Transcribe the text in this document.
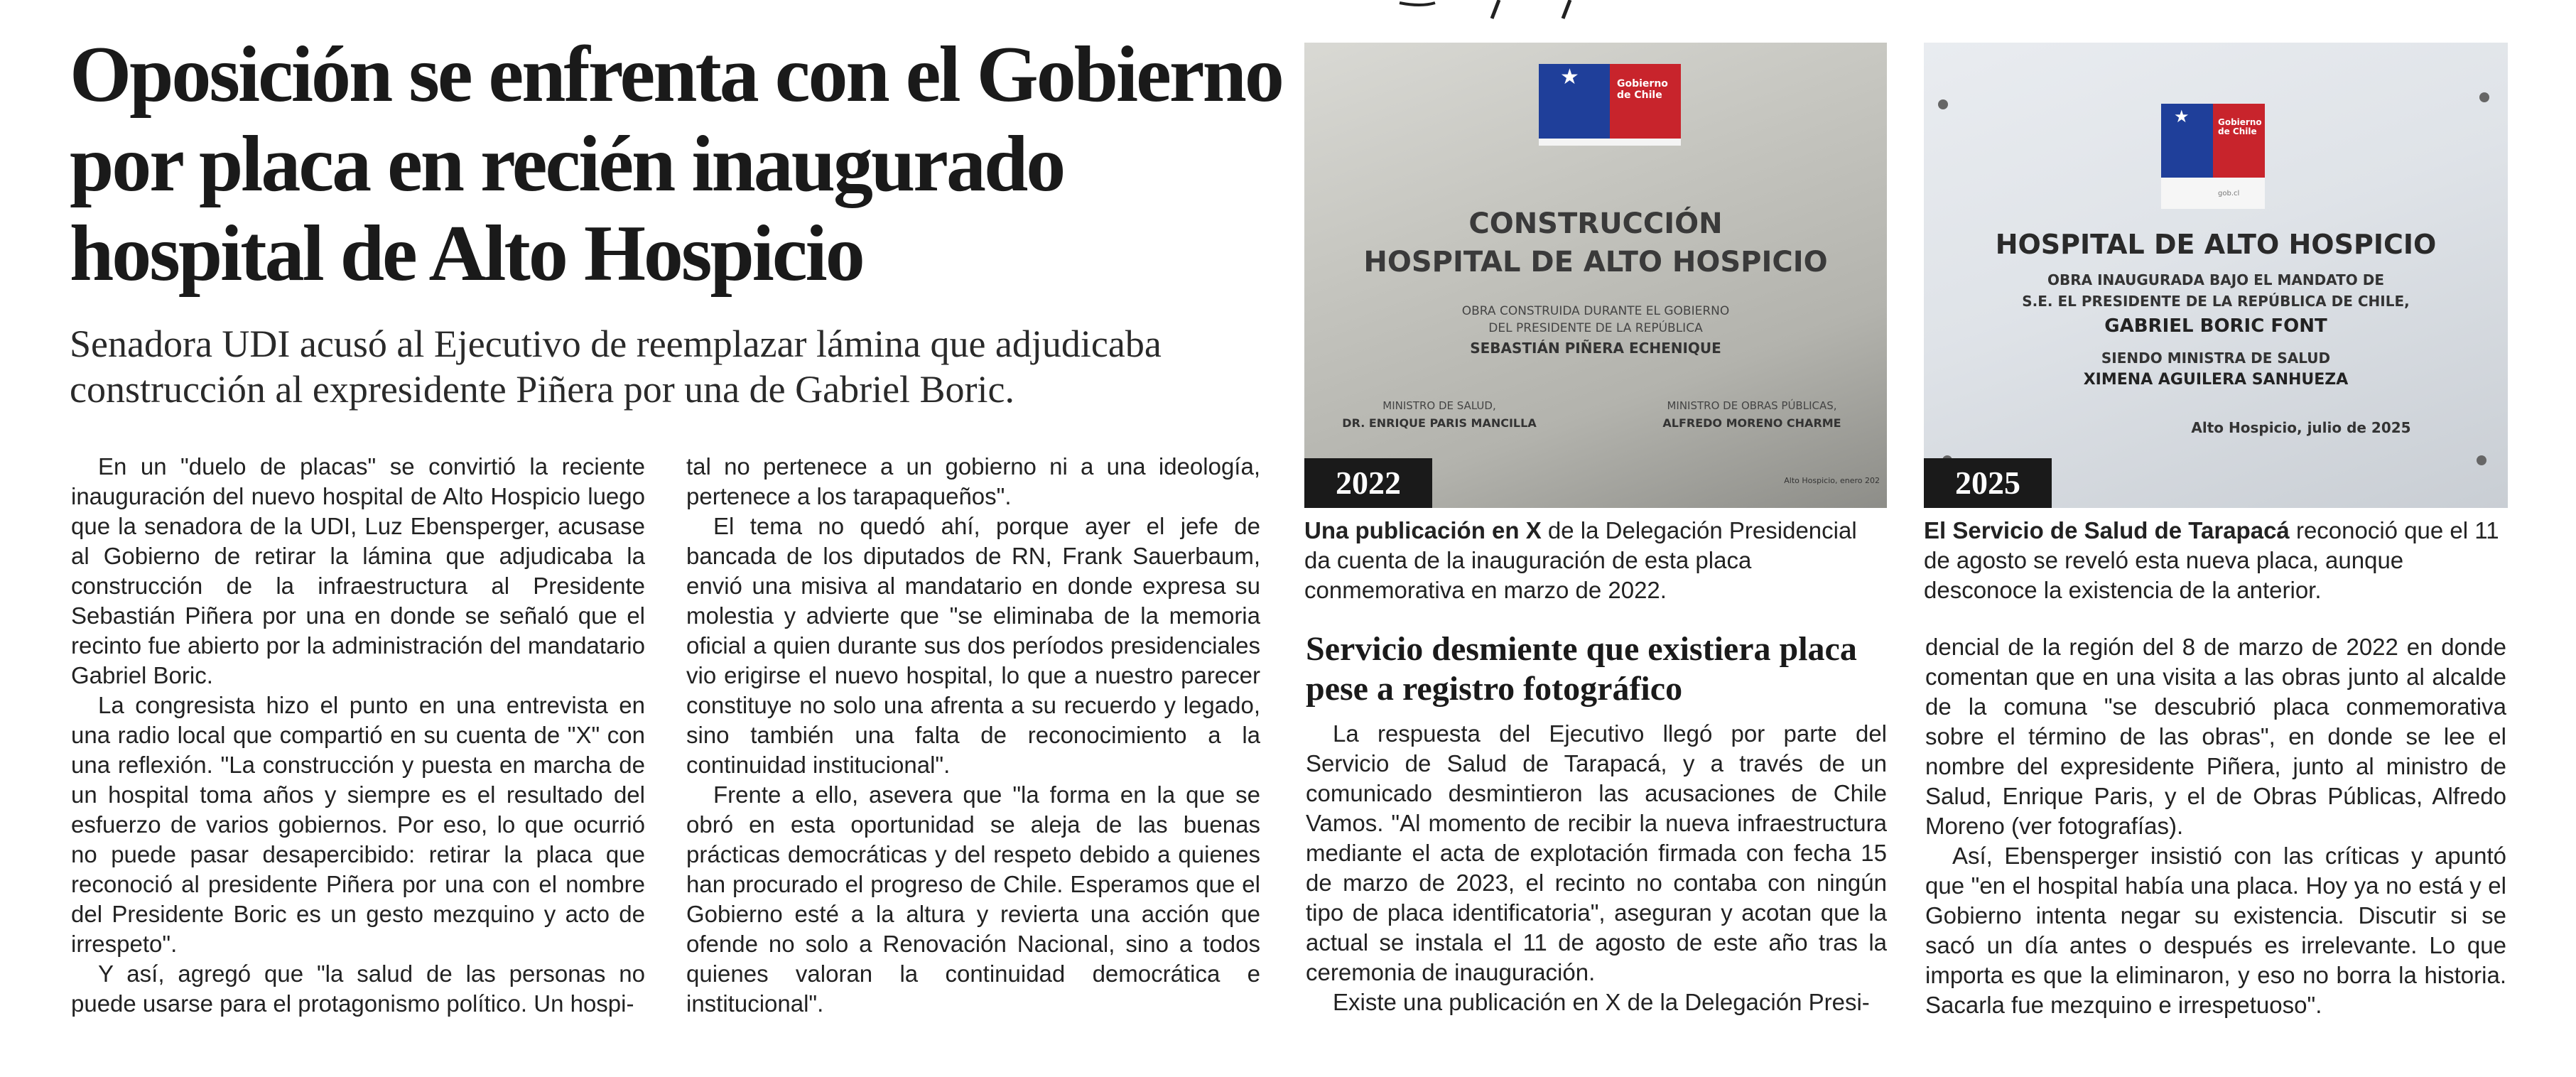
Oposición se enfrenta con el Gobierno por placa en recién inaugurado hospital de Alto Hospicio

Senadora UDI acusó al Ejecutivo de reemplazar lámina que adjudicaba construcción al expresidente Piñera por una de Gabriel Boric.

En un "duelo de placas" se convirtió la reciente inauguración del nuevo hospital de Alto Hospicio luego que la senadora de la UDI, Luz Ebensperger, acusase al Gobierno de retirar la lámina que adjudicaba la construcción de la infraestructura al Presidente Sebastián Piñera por una en donde se señaló que el recinto fue abierto por la administración del mandatario Gabriel Boric.

La congresista hizo el punto en una entrevista en una radio local que compartió en su cuenta de "X" con una reflexión. "La construcción y puesta en marcha de un hospital toma años y siempre es el resultado del esfuerzo de varios gobiernos. Por eso, lo que ocurrió no puede pasar desapercibido: retirar la placa que reconoció al presidente Piñera por una con el nombre del Presidente Boric es un gesto mezquino y acto de irrespeto".

Y así, agregó que "la salud de las personas no puede usarse para el protagonismo político. Un hospi-

tal no pertenece a un gobierno ni a una ideología, pertenece a los tarapaqueños".

El tema no quedó ahí, porque ayer el jefe de bancada de los diputados de RN, Frank Sauerbaum, envió una misiva al mandatario en donde expresa su molestia y advierte que "se eliminaba de la memoria oficial a quien durante sus dos períodos presidenciales vio erigirse el nuevo hospital, lo que a nuestro parecer constituye no solo una afrenta a su recuerdo y legado, sino también una falta de reconocimiento a la continuidad institucional".

Frente a ello, asevera que "la forma en la que se obró en esta oportunidad se aleja de las buenas prácticas democráticas y del respeto debido a quienes han procurado el progreso de Chile. Esperamos que el Gobierno esté a la altura y revierta una acción que ofende no solo a Renovación Nacional, sino a todos quienes valoran la continuidad democrática e institucional".

★	Gobierno de Chile
CONSTRUCCIÓN
HOSPITAL DE ALTO HOSPICIO
OBRA CONSTRUIDA DURANTE EL GOBIERNO
DEL PRESIDENTE DE LA REPÚBLICA
SEBASTIÁN PIÑERA ECHENIQUE
MINISTRO DE SALUD,
DR. ENRIQUE PARIS MANCILLA
MINISTRO DE OBRAS PÚBLICAS,
ALFREDO MORENO CHARME
Alto Hospicio, enero 202
2022
★	Gobierno de Chile
gob.cl
HOSPITAL DE ALTO HOSPICIO
OBRA INAUGURADA BAJO EL MANDATO DE
S.E. EL PRESIDENTE DE LA REPÚBLICA DE CHILE,
GABRIEL BORIC FONT
SIENDO MINISTRA DE SALUD
XIMENA AGUILERA SANHUEZA
Alto Hospicio, julio de 2025
2025

Una publicación en X de la Delegación Presidencial da cuenta de la inauguración de esta placa conmemorativa en marzo de 2022.

El Servicio de Salud de Tarapacá reconoció que el 11 de agosto se reveló esta nueva placa, aunque desconoce la existencia de la anterior.

Servicio desmiente que existiera placa pese a registro fotográfico

La respuesta del Ejecutivo llegó por parte del Servicio de Salud de Tarapacá, y a través de un comunicado desmintieron las acusaciones de Chile Vamos. "Al momento de recibir la nueva infraestructura mediante el acta de explotación firmada con fecha 15 de marzo de 2023, el recinto no contaba con ningún tipo de placa identificatoria", aseguran y acotan que la actual se instala el 11 de agosto de este año tras la ceremonia de inauguración.

Existe una publicación en X de la Delegación Presi-

dencial de la región del 8 de marzo de 2022 en donde comentan que en una visita a las obras junto al alcalde de la comuna "se descubrió placa conmemorativa sobre el término de las obras", en donde se lee el nombre del expresidente Piñera, junto al ministro de Salud, Enrique Paris, y el de Obras Públicas, Alfredo Moreno (ver fotografías).

Así, Ebensperger insistió con las críticas y apuntó que "en el hospital había una placa. Hoy ya no está y el Gobierno intenta negar su existencia. Discutir si se sacó un día antes o después es irrelevante. Lo que importa es que la eliminaron, y eso no borra la historia. Sacarla fue mezquino e irrespetuoso".
